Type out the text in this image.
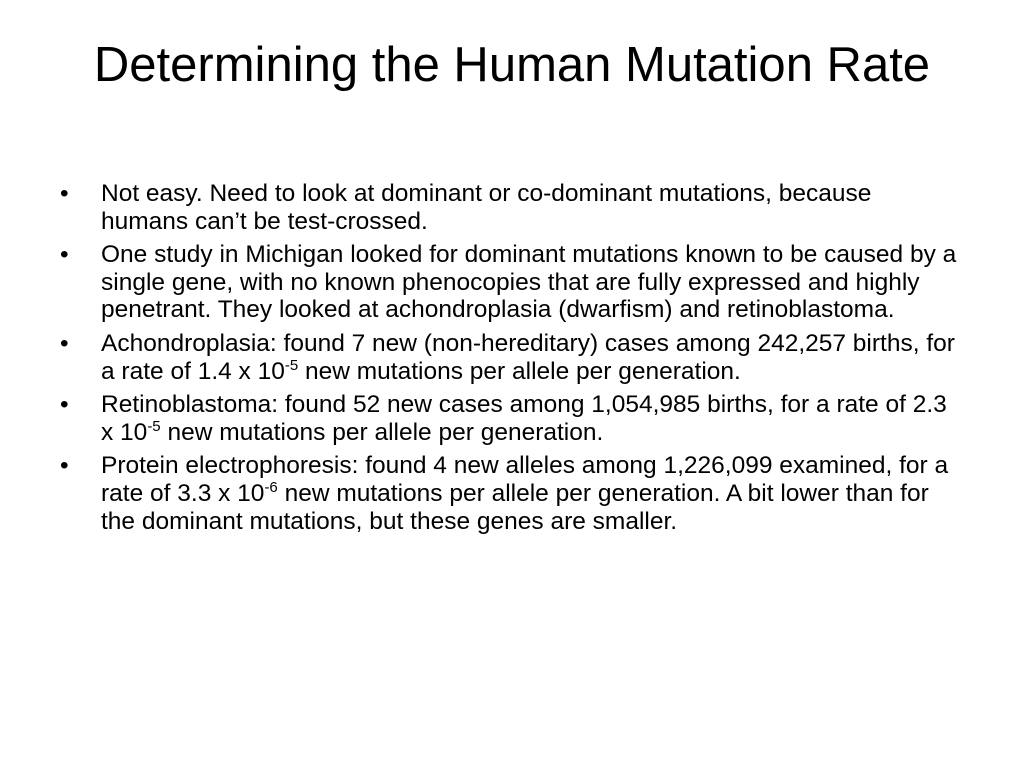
Determining the Human Mutation Rate
•	Not easy. Need to look at dominant or co-dominant mutations, because humans can’t be test-crossed.
•	One study in Michigan looked for dominant mutations known to be caused by a single gene, with no known phenocopies that are fully expressed and highly penetrant. They looked at achondroplasia (dwarfism) and retinoblastoma.
•	Achondroplasia: found 7 new (non-hereditary) cases among 242,257 births, for a rate of 1.4 x $10^{-5}$ new mutations per allele per generation.
•	Retinoblastoma: found 52 new cases among 1,054,985 births, for a rate of 2.3 x $10^{-5}$ new mutations per allele per generation.
•	Protein electrophoresis: found 4 new alleles among 1,226,099 examined, for a rate of 3.3 x $10^{-6}$ new mutations per allele per generation. A bit lower than for the dominant mutations, but these genes are smaller.
